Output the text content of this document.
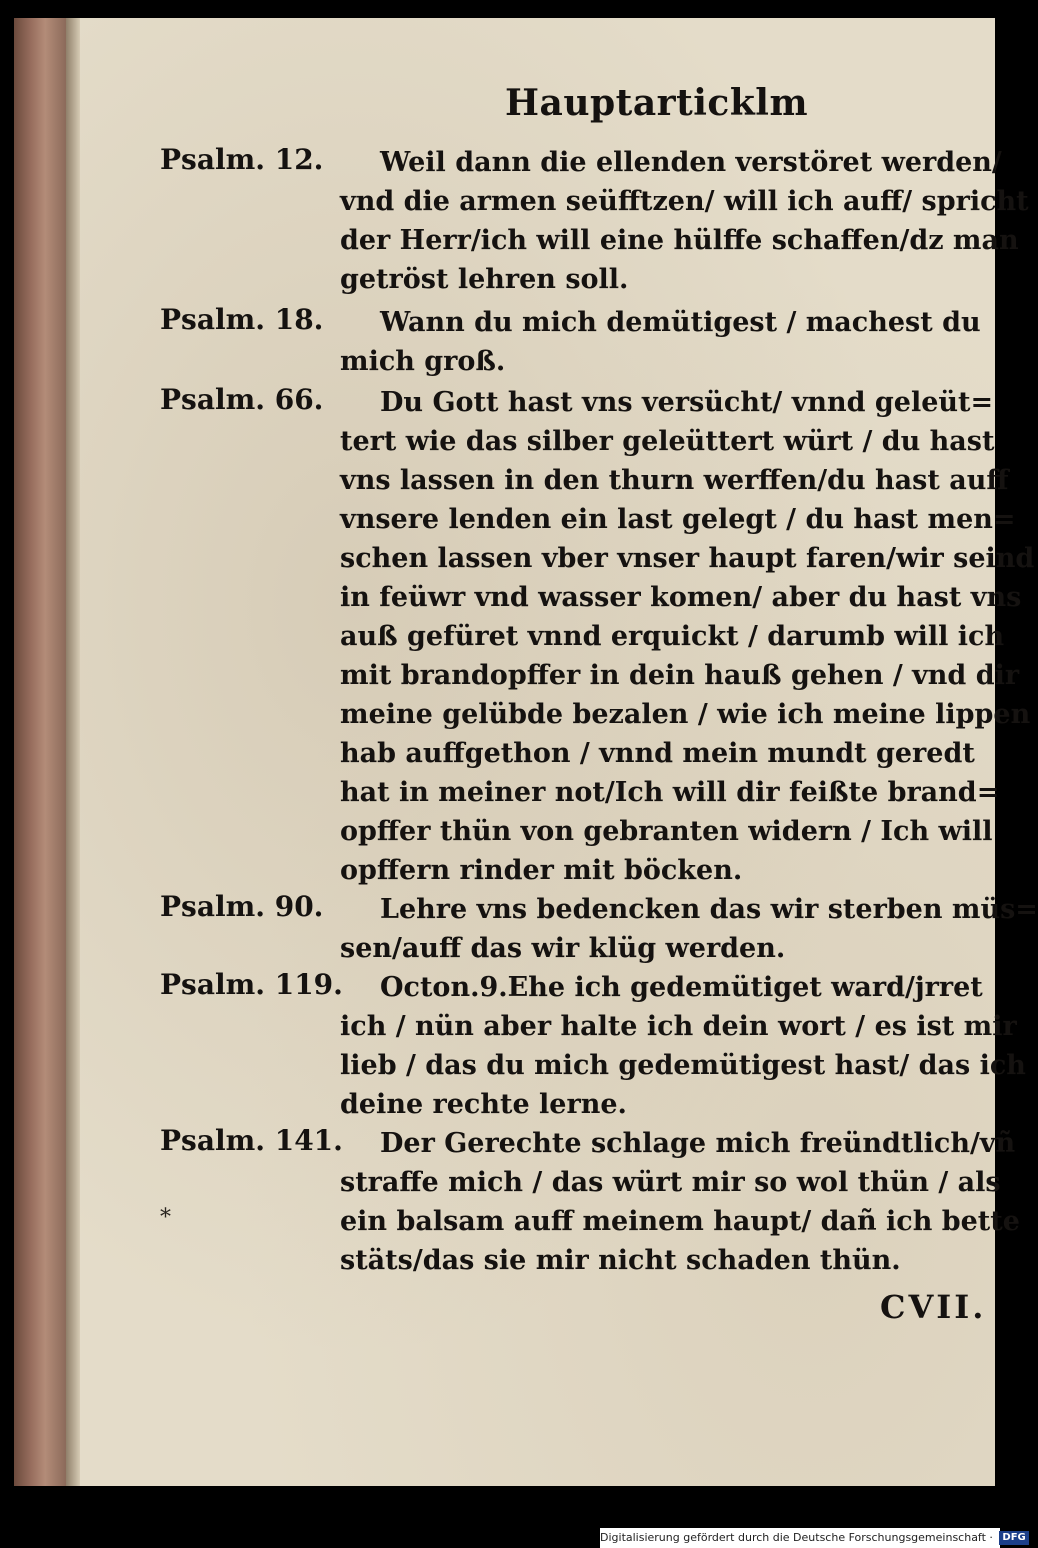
Hauptarticklm
Psalm. 12.	Weil dann die ellenden verstöret werden/
vnd die armen seüfftzen/ will ich auff/ spricht
der Herr/ich will eine hülffe schaffen/dz man
getröst lehren soll.
Psalm. 18.	Wann du mich demütigest / machest du
mich groß.
Psalm. 66.	Du Gott hast vns versücht/ vnnd geleüt=
tert wie das silber geleüttert würt / du hast
vns lassen in den thurn werffen/du hast auff
vnsere lenden ein last gelegt / du hast men=
schen lassen vber vnser haupt faren/wir seind
in feüwr vnd wasser komen/ aber du hast vns
auß gefüret vnnd erquickt / darumb will ich
mit brandopffer in dein hauß gehen / vnd dir
meine gelübde bezalen / wie ich meine lippen
hab auffgethon / vnnd mein mundt geredt
hat in meiner not/Ich will dir feißte brand=
opffer thün von gebranten widern / Ich will
opffern rinder mit böcken.
Psalm. 90.	Lehre vns bedencken das wir sterben müs=
sen/auff das wir klüg werden.
Psalm. 119.	Octon.9.Ehe ich gedemütiget ward/jrret
ich / nün aber halte ich dein wort / es ist mir
lieb / das du mich gedemütigest hast/ das ich
deine rechte lerne.
Psalm. 141.	Der Gerechte schlage mich freündtlich/vñ
straffe mich / das würt mir so wol thün / als
ein balsam auff meinem haupt/ dañ ich bette
stäts/das sie mir nicht schaden thün.
⁎
CVII.
Digitalisierung gefördert durch die Deutsche Forschungsgemeinschaft · DFG
